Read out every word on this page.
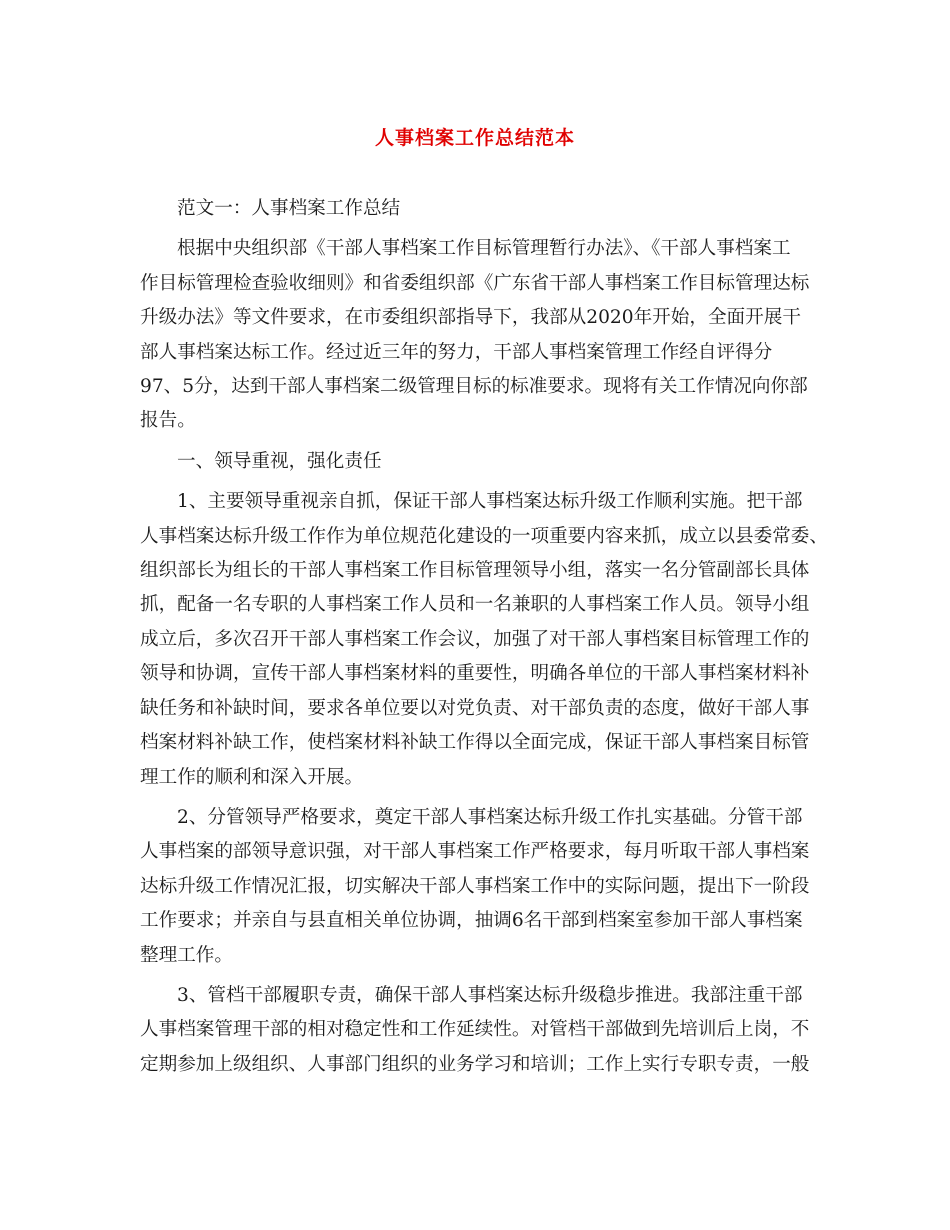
人事档案工作总结范本
范文一：人事档案工作总结
根据中央组织部《干部人事档案工作目标管理暂行办法》、《干部人事档案工
作目标管理检查验收细则》和省委组织部《广东省干部人事档案工作目标管理达标
升级办法》等文件要求，在市委组织部指导下，我部从2020年开始，全面开展干
部人事档案达标工作。经过近三年的努力，干部人事档案管理工作经自评得分
97、5分，达到干部人事档案二级管理目标的标准要求。现将有关工作情况向你部
报告。
一、领导重视，强化责任
1、主要领导重视亲自抓，保证干部人事档案达标升级工作顺利实施。把干部
人事档案达标升级工作作为单位规范化建设的一项重要内容来抓，成立以县委常委、
组织部长为组长的干部人事档案工作目标管理领导小组，落实一名分管副部长具体
抓，配备一名专职的人事档案工作人员和一名兼职的人事档案工作人员。领导小组
成立后，多次召开干部人事档案工作会议，加强了对干部人事档案目标管理工作的
领导和协调，宣传干部人事档案材料的重要性，明确各单位的干部人事档案材料补
缺任务和补缺时间，要求各单位要以对党负责、对干部负责的态度，做好干部人事
档案材料补缺工作，使档案材料补缺工作得以全面完成，保证干部人事档案目标管
理工作的顺利和深入开展。
2、分管领导严格要求，奠定干部人事档案达标升级工作扎实基础。分管干部
人事档案的部领导意识强，对干部人事档案工作严格要求，每月听取干部人事档案
达标升级工作情况汇报，切实解决干部人事档案工作中的实际问题，提出下一阶段
工作要求；并亲自与县直相关单位协调，抽调6名干部到档案室参加干部人事档案
整理工作。
3、管档干部履职专责，确保干部人事档案达标升级稳步推进。我部注重干部
人事档案管理干部的相对稳定性和工作延续性。对管档干部做到先培训后上岗，不
定期参加上级组织、人事部门组织的业务学习和培训；工作上实行专职专责，一般
